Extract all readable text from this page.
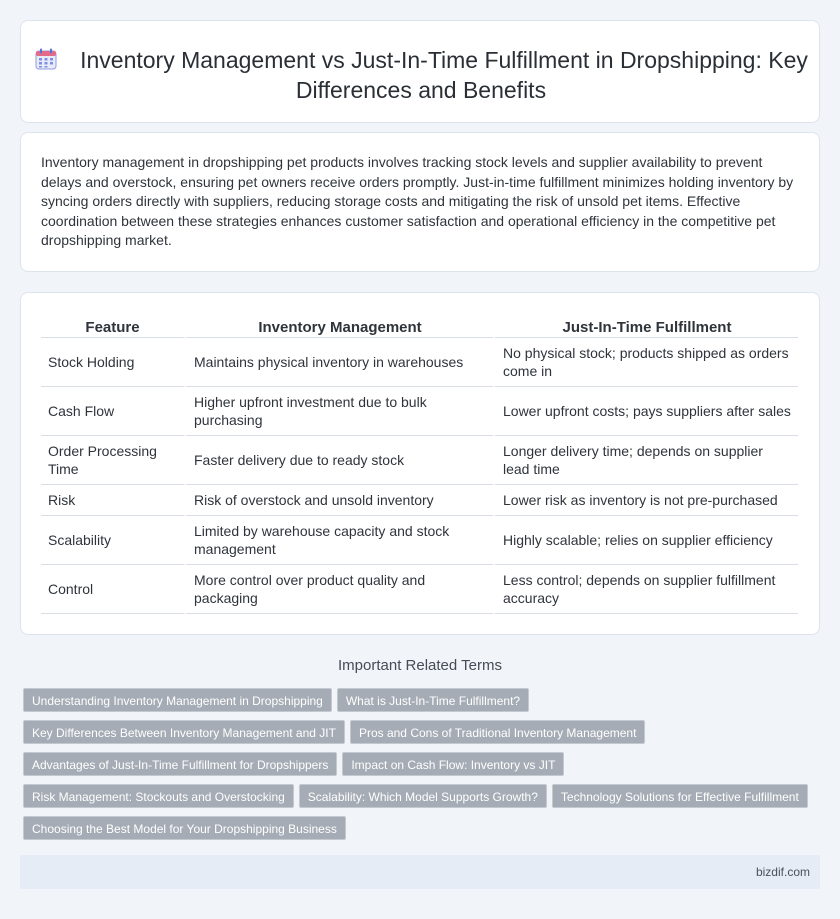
Inventory Management vs Just-In-Time Fulfillment in Dropshipping: Key Differences and Benefits

Inventory management in dropshipping pet products involves tracking stock levels and supplier availability to prevent delays and overstock, ensuring pet owners receive orders promptly. Just-in-time fulfillment minimizes holding inventory by syncing orders directly with suppliers, reducing storage costs and mitigating the risk of unsold pet items. Effective coordination between these strategies enhances customer satisfaction and operational efficiency in the competitive pet dropshipping market.

Feature	Inventory Management	Just-In-Time Fulfillment
Stock Holding	Maintains physical inventory in warehouses	No physical stock; products shipped as orders come in
Cash Flow	Higher upfront investment due to bulk purchasing	Lower upfront costs; pays suppliers after sales
Order Processing Time	Faster delivery due to ready stock	Longer delivery time; depends on supplier lead time
Risk	Risk of overstock and unsold inventory	Lower risk as inventory is not pre-purchased
Scalability	Limited by warehouse capacity and stock management	Highly scalable; relies on supplier efficiency
Control	More control over product quality and packaging	Less control; depends on supplier fulfillment accuracy
Important Related Terms
Understanding Inventory Management in Dropshipping What is Just-In-Time Fulfillment?
Key Differences Between Inventory Management and JIT Pros and Cons of Traditional Inventory Management
Advantages of Just-In-Time Fulfillment for Dropshippers Impact on Cash Flow: Inventory vs JIT
Risk Management: Stockouts and Overstocking Scalability: Which Model Supports Growth? Technology Solutions for Effective Fulfillment
Choosing the Best Model for Your Dropshipping Business
bizdif.com
